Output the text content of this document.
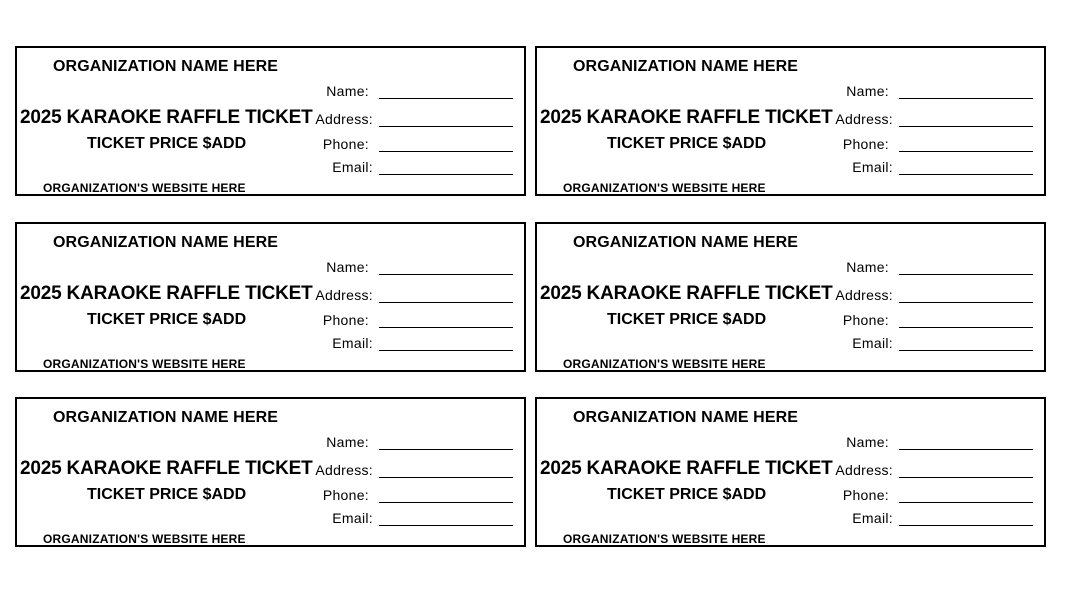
ORGANIZATION NAME HERE
2025 KARAOKE RAFFLE TICKET
TICKET PRICE $ADD
ORGANIZATION'S WEBSITE HERE
Name:
Address:
Phone:
Email:
ORGANIZATION NAME HERE
2025 KARAOKE RAFFLE TICKET
TICKET PRICE $ADD
ORGANIZATION'S WEBSITE HERE
Name:
Address:
Phone:
Email:
ORGANIZATION NAME HERE
2025 KARAOKE RAFFLE TICKET
TICKET PRICE $ADD
ORGANIZATION'S WEBSITE HERE
Name:
Address:
Phone:
Email:
ORGANIZATION NAME HERE
2025 KARAOKE RAFFLE TICKET
TICKET PRICE $ADD
ORGANIZATION'S WEBSITE HERE
Name:
Address:
Phone:
Email:
ORGANIZATION NAME HERE
2025 KARAOKE RAFFLE TICKET
TICKET PRICE $ADD
ORGANIZATION'S WEBSITE HERE
Name:
Address:
Phone:
Email:
ORGANIZATION NAME HERE
2025 KARAOKE RAFFLE TICKET
TICKET PRICE $ADD
ORGANIZATION'S WEBSITE HERE
Name:
Address:
Phone:
Email:
